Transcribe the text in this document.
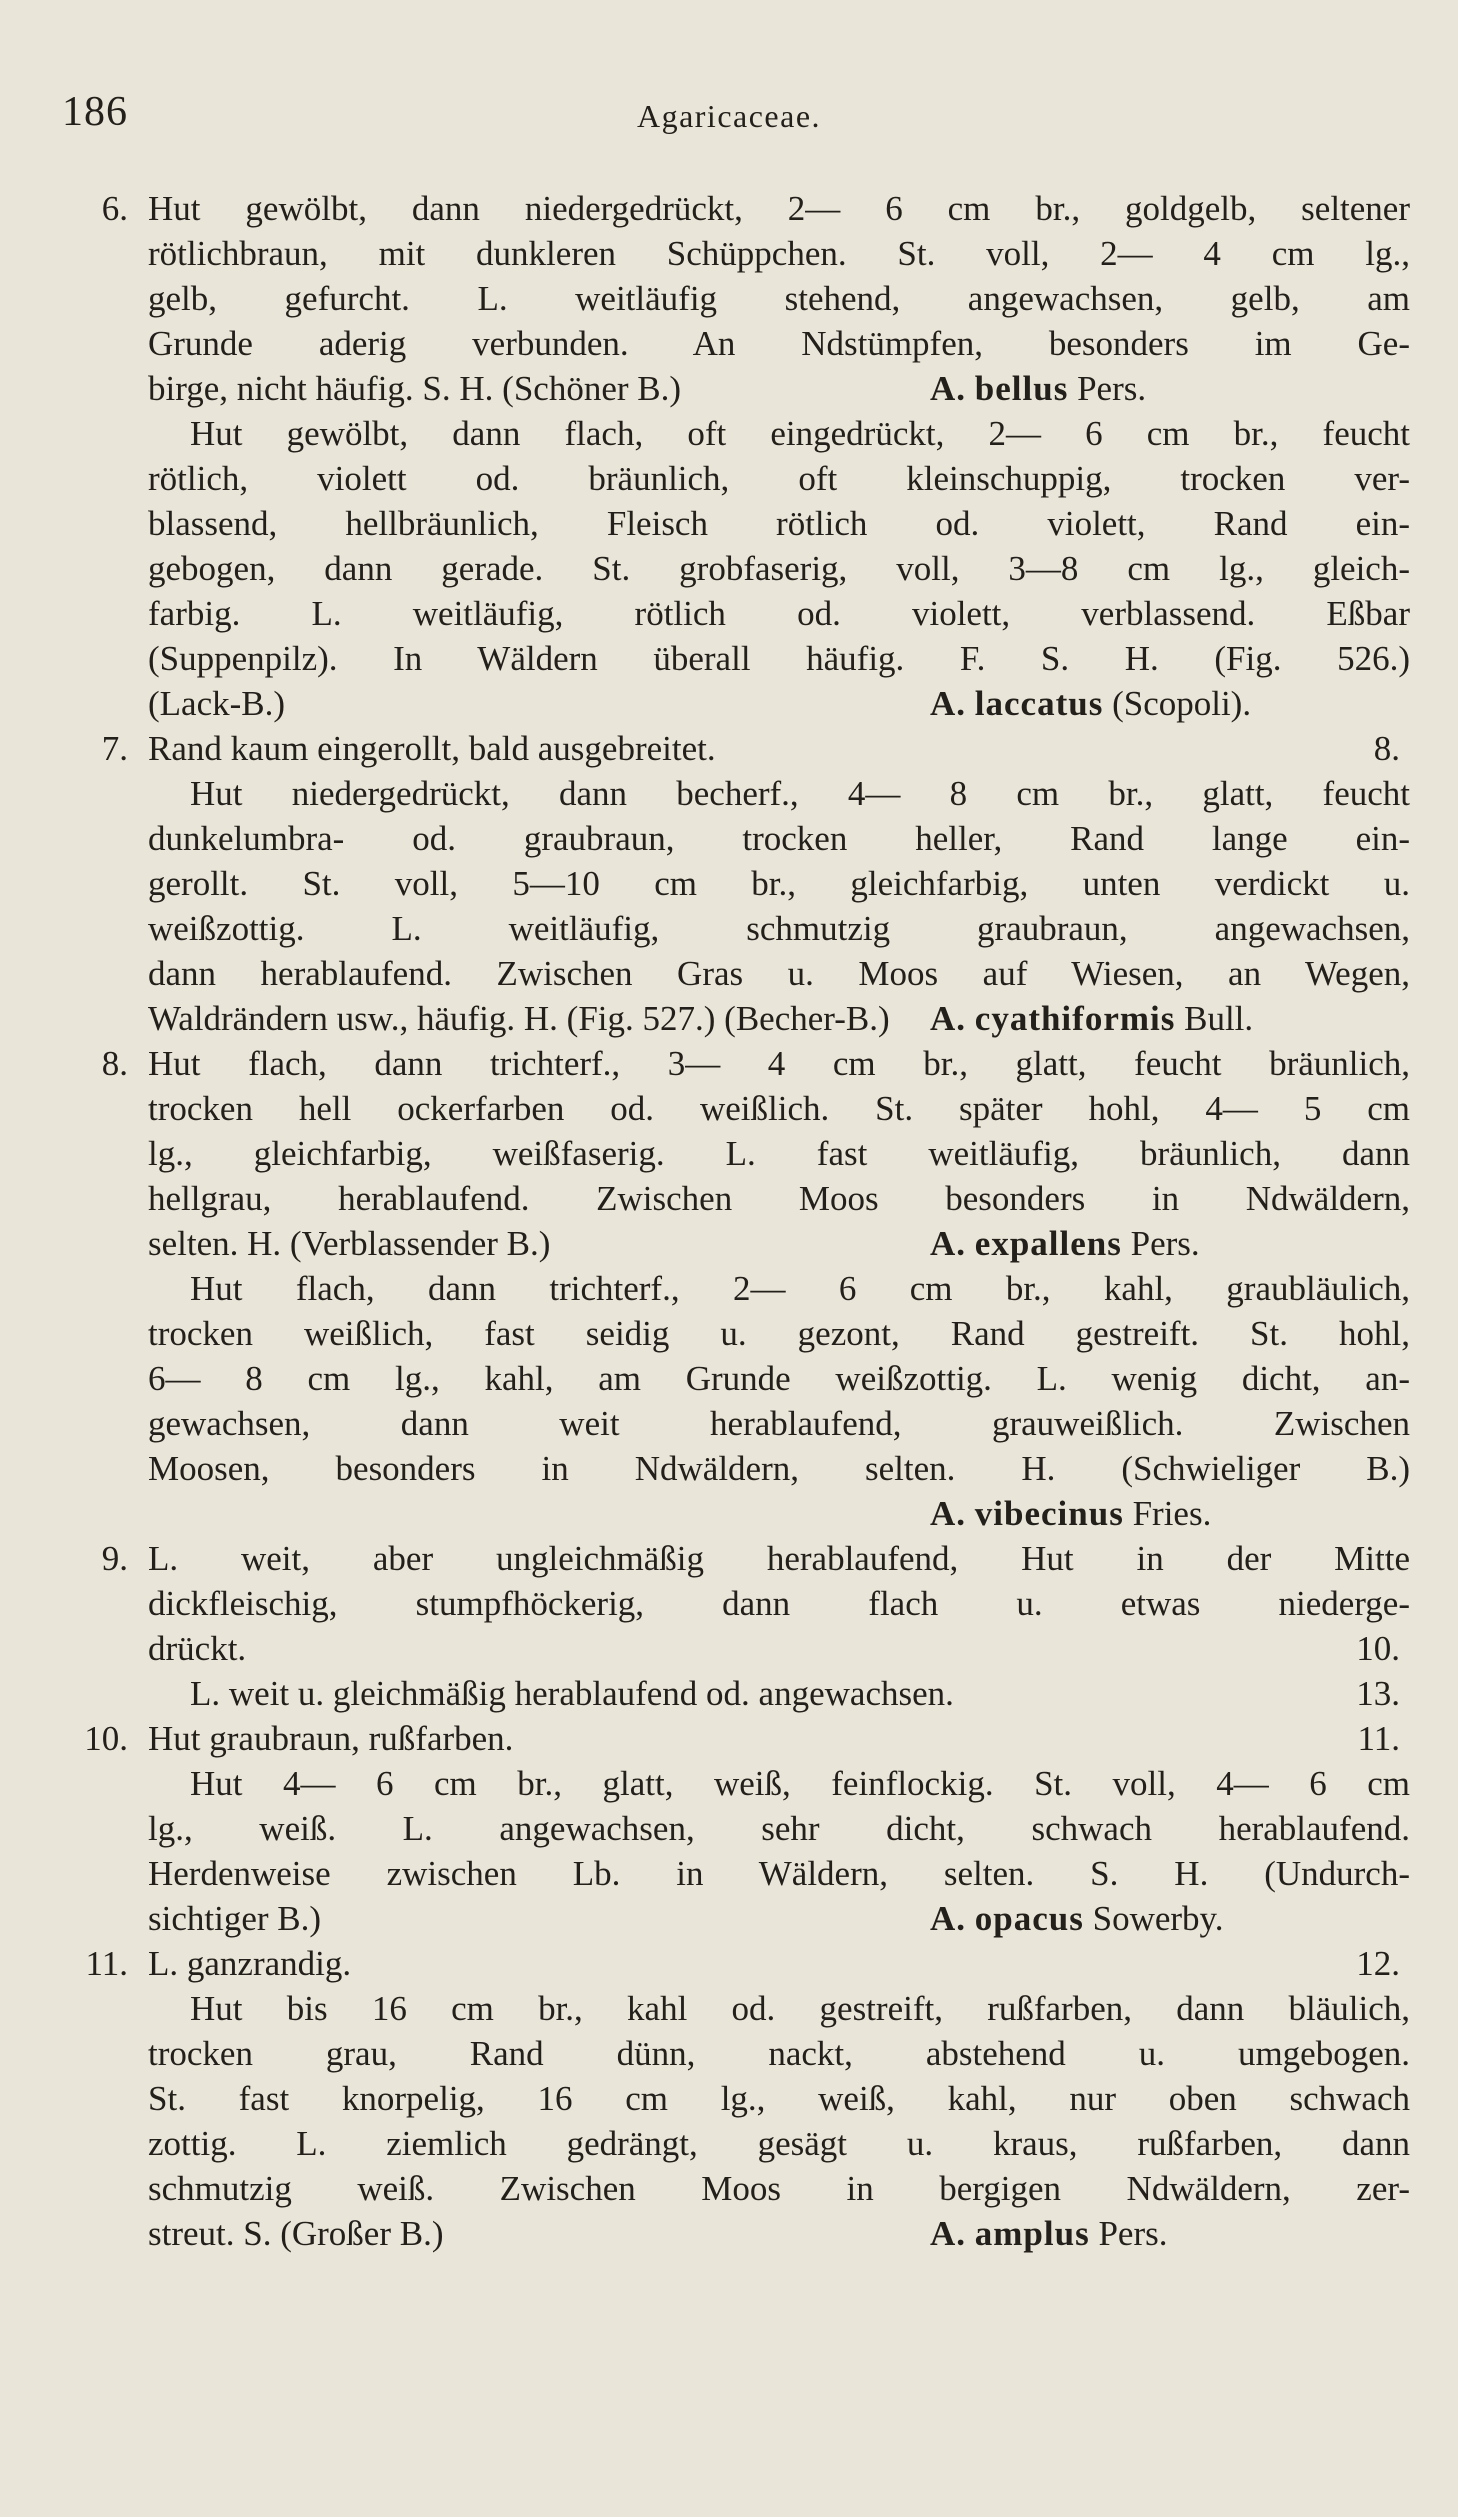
186	Agaricaceae.
6. Hut gewölbt, dann niedergedrückt, 2— 6 cm br., goldgelb, seltener
rötlichbraun, mit dunkleren Schüppchen. St. voll, 2— 4 cm lg.,
gelb, gefurcht. L. weitläufig stehend, angewachsen, gelb, am
Grunde aderig verbunden. An Ndstümpfen, besonders im Ge-
birge, nicht häufig. S. H. (Schöner B.)	A. bellus Pers.
Hut gewölbt, dann flach, oft eingedrückt, 2— 6 cm br., feucht
rötlich, violett od. bräunlich, oft kleinschuppig, trocken ver-
blassend, hellbräunlich, Fleisch rötlich od. violett, Rand ein-
gebogen, dann gerade. St. grobfaserig, voll, 3—8 cm lg., gleich-
farbig. L. weitläufig, rötlich od. violett, verblassend. Eßbar
(Suppenpilz). In Wäldern überall häufig. F. S. H. (Fig. 526.)
(Lack-B.)	A. laccatus (Scopoli).
7. Rand kaum eingerollt, bald ausgebreitet.	8.
Hut niedergedrückt, dann becherf., 4— 8 cm br., glatt, feucht
dunkelumbra- od. graubraun, trocken heller, Rand lange ein-
gerollt. St. voll, 5—10 cm br., gleichfarbig, unten verdickt u.
weißzottig. L. weitläufig, schmutzig graubraun, angewachsen,
dann herablaufend. Zwischen Gras u. Moos auf Wiesen, an Wegen,
Waldrändern usw., häufig. H. (Fig. 527.) (Becher-B.) A. cyathiformis Bull.
8. Hut flach, dann trichterf., 3— 4 cm br., glatt, feucht bräunlich,
trocken hell ockerfarben od. weißlich. St. später hohl, 4— 5 cm
lg., gleichfarbig, weißfaserig. L. fast weitläufig, bräunlich, dann
hellgrau, herablaufend. Zwischen Moos besonders in Ndwäldern,
selten. H. (Verblassender B.)	A. expallens Pers.
Hut flach, dann trichterf., 2— 6 cm br., kahl, graubläulich,
trocken weißlich, fast seidig u. gezont, Rand gestreift. St. hohl,
6— 8 cm lg., kahl, am Grunde weißzottig. L. wenig dicht, an-
gewachsen, dann weit herablaufend, grauweißlich. Zwischen
Moosen, besonders in Ndwäldern, selten. H. (Schwieliger B.)
A. vibecinus Fries.
9. L. weit, aber ungleichmäßig herablaufend, Hut in der Mitte
dickfleischig, stumpfhöckerig, dann flach u. etwas niederge-
drückt.	10.
L. weit u. gleichmäßig herablaufend od. angewachsen.	13.
10. Hut graubraun, rußfarben.	11.
Hut 4— 6 cm br., glatt, weiß, feinflockig. St. voll, 4— 6 cm
lg., weiß. L. angewachsen, sehr dicht, schwach herablaufend.
Herdenweise zwischen Lb. in Wäldern, selten. S. H. (Undurch-
sichtiger B.)	A. opacus Sowerby.
11. L. ganzrandig.	12.
Hut bis 16 cm br., kahl od. gestreift, rußfarben, dann bläulich,
trocken grau, Rand dünn, nackt, abstehend u. umgebogen.
St. fast knorpelig, 16 cm lg., weiß, kahl, nur oben schwach
zottig. L. ziemlich gedrängt, gesägt u. kraus, rußfarben, dann
schmutzig weiß. Zwischen Moos in bergigen Ndwäldern, zer-
streut. S. (Großer B.)	A. amplus Pers.
